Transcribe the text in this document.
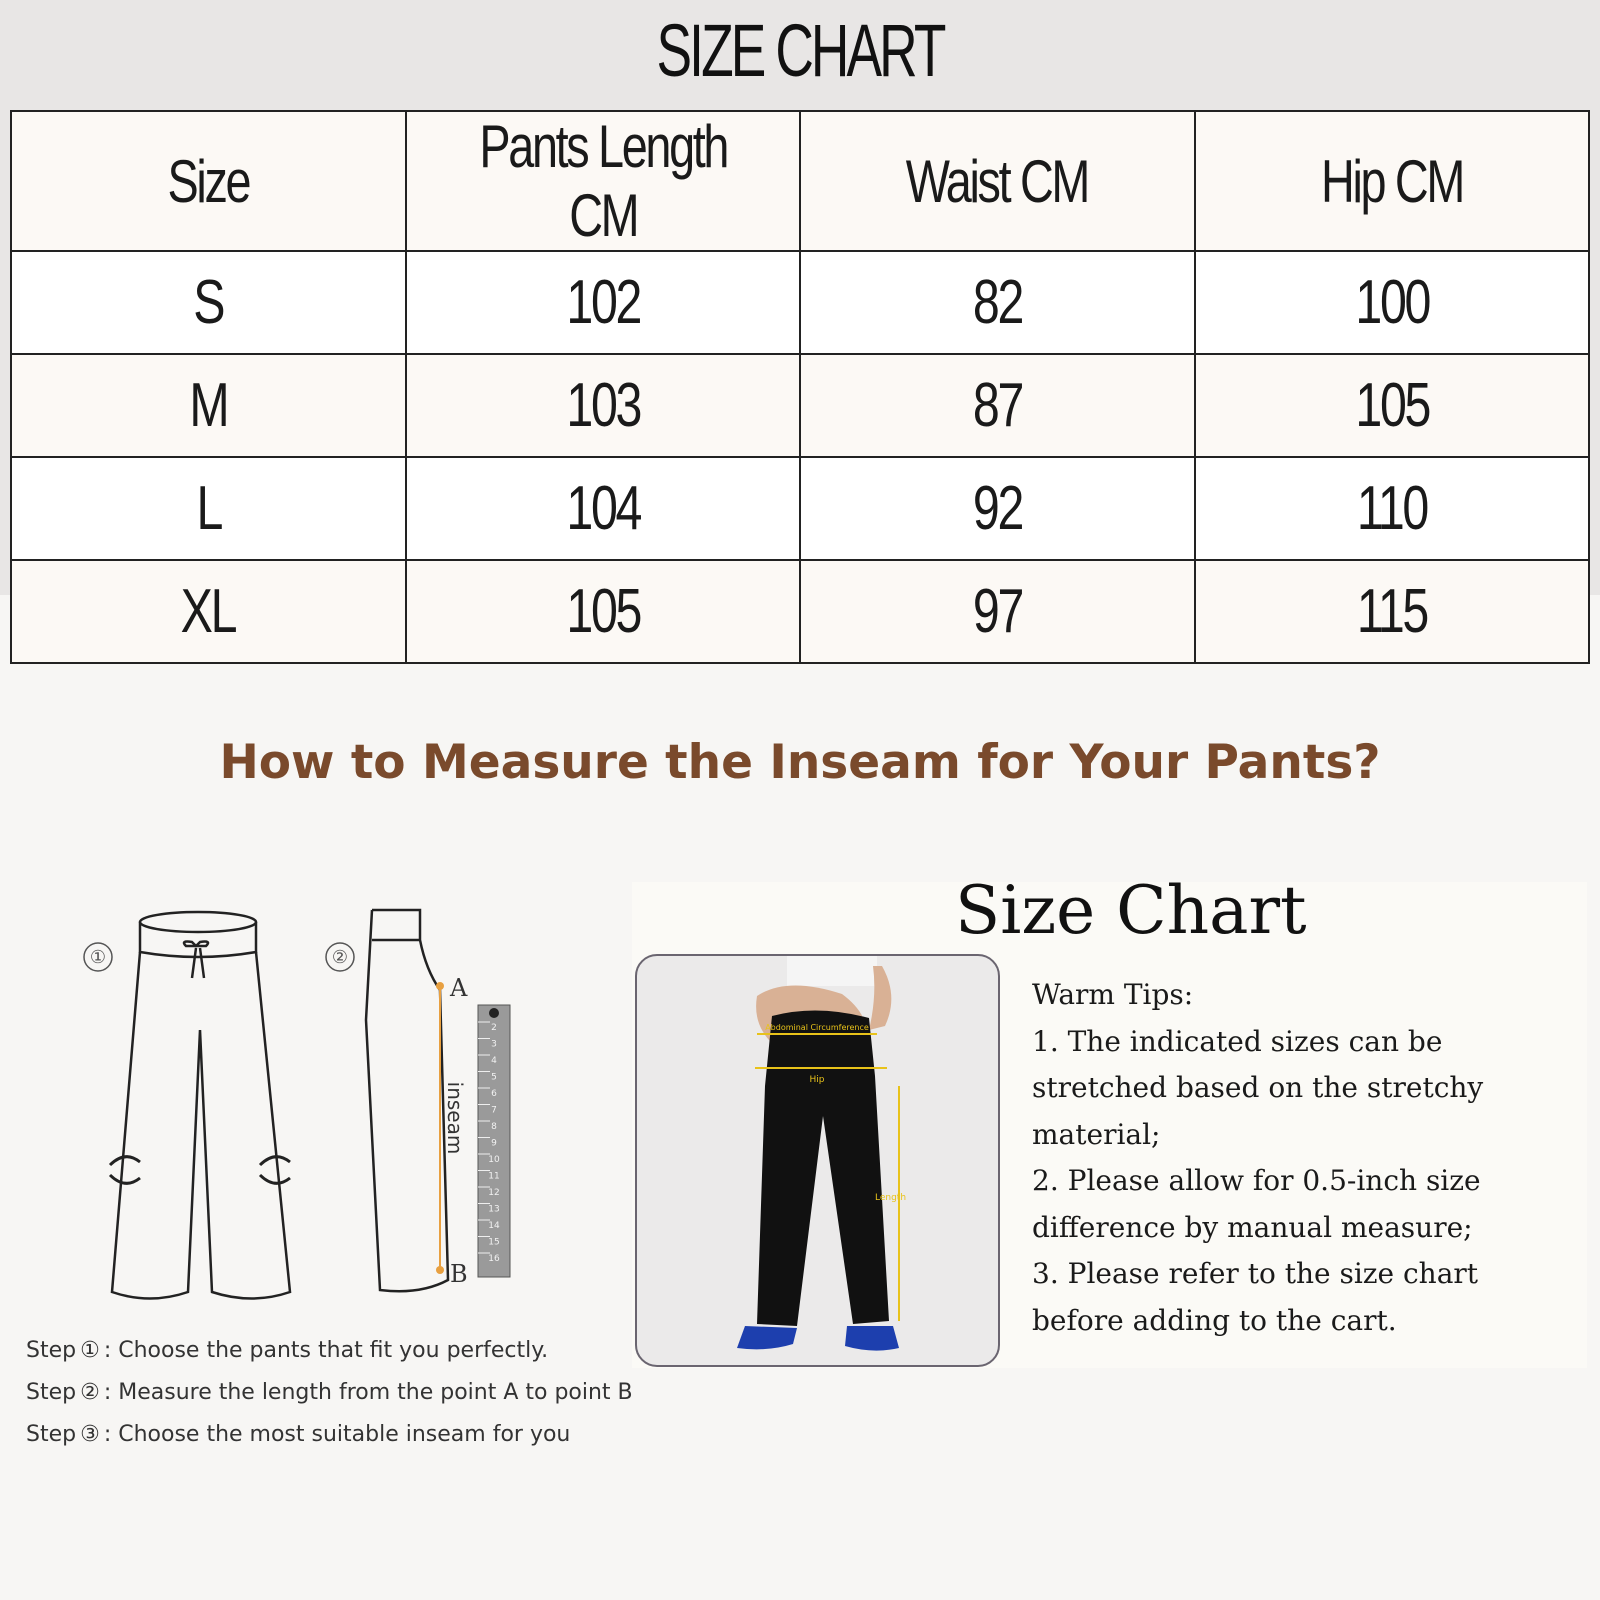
SIZE CHART
Size	Pants Length CM	Waist CM	Hip CM
S	102	82	100
M	103	87	105
L	104	92	110
XL	105	97	115
How to Measure the Inseam for Your Pants?
①	②
A
B
inseam
2
3
4
5
6
7
8
9
10
11
12
13
14
15
16
Step ① : Choose the pants that fit you perfectly.
Step ② : Measure the length from the point A to point B
Step ③ : Choose the most suitable inseam for you
Size Chart
Abdominal Circumference
Hip
Length
Warm Tips:
1. The indicated sizes can be
stretched based on the stretchy
material;
2. Please allow for 0.5-inch size
difference by manual measure;
3. Please refer to the size chart
before adding to the cart.
